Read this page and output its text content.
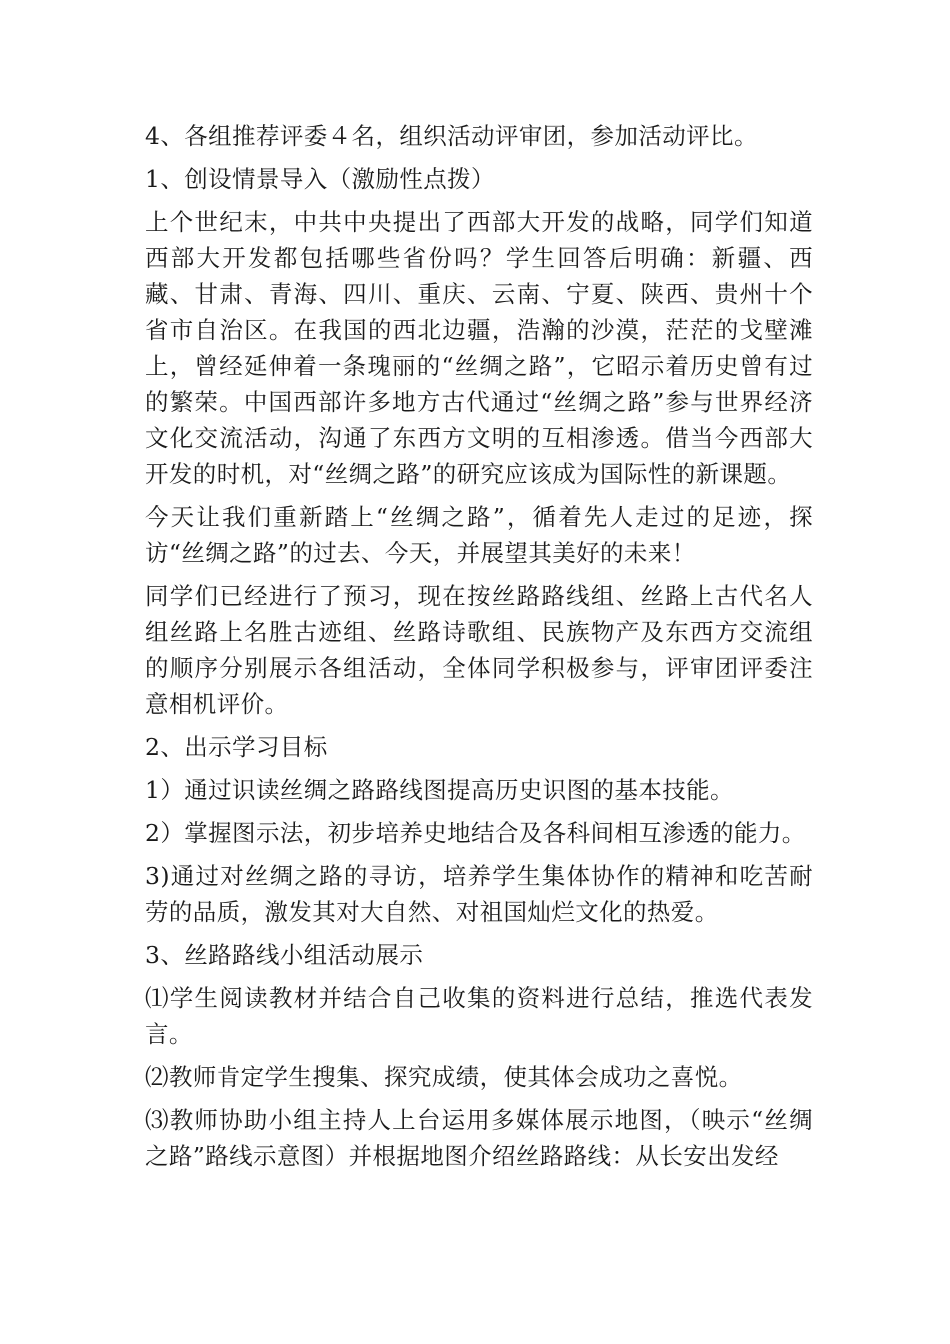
4、各组推荐评委４名，组织活动评审团，参加活动评比。

1、创设情景导入（激励性点拨）

上个世纪末，中共中央提出了西部大开发的战略，同学们知道西部大开发都包括哪些省份吗？学生回答后明确：新疆、西藏、甘肃、青海、四川、重庆、云南、宁夏、陕西、贵州十个省市自治区。在我国的西北边疆，浩瀚的沙漠，茫茫的戈壁滩上，曾经延伸着一条瑰丽的“丝绸之路”，它昭示着历史曾有过的繁荣。中国西部许多地方古代通过“丝绸之路”参与世界经济文化交流活动，沟通了东西方文明的互相渗透。借当今西部大开发的时机，对“丝绸之路”的研究应该成为国际性的新课题。

今天让我们重新踏上“丝绸之路”，循着先人走过的足迹，探访“丝绸之路”的过去、今天，并展望其美好的未来！

同学们已经进行了预习，现在按丝路路线组、丝路上古代名人组丝路上名胜古迹组、丝路诗歌组、民族物产及东西方交流组的顺序分别展示各组活动，全体同学积极参与，评审团评委注意相机评价。

2、出示学习目标

1）通过识读丝绸之路路线图提高历史识图的基本技能。

2）掌握图示法，初步培养史地结合及各科间相互渗透的能力。

3)通过对丝绸之路的寻访，培养学生集体协作的精神和吃苦耐劳的品质，激发其对大自然、对祖国灿烂文化的热爱。

3、丝路路线小组活动展示

⑴学生阅读教材并结合自己收集的资料进行总结，推选代表发言。

⑵教师肯定学生搜集、探究成绩，使其体会成功之喜悦。

⑶教师协助小组主持人上台运用多媒体展示地图，（映示“丝绸之路”路线示意图）并根据地图介绍丝路路线：从长安出发经
